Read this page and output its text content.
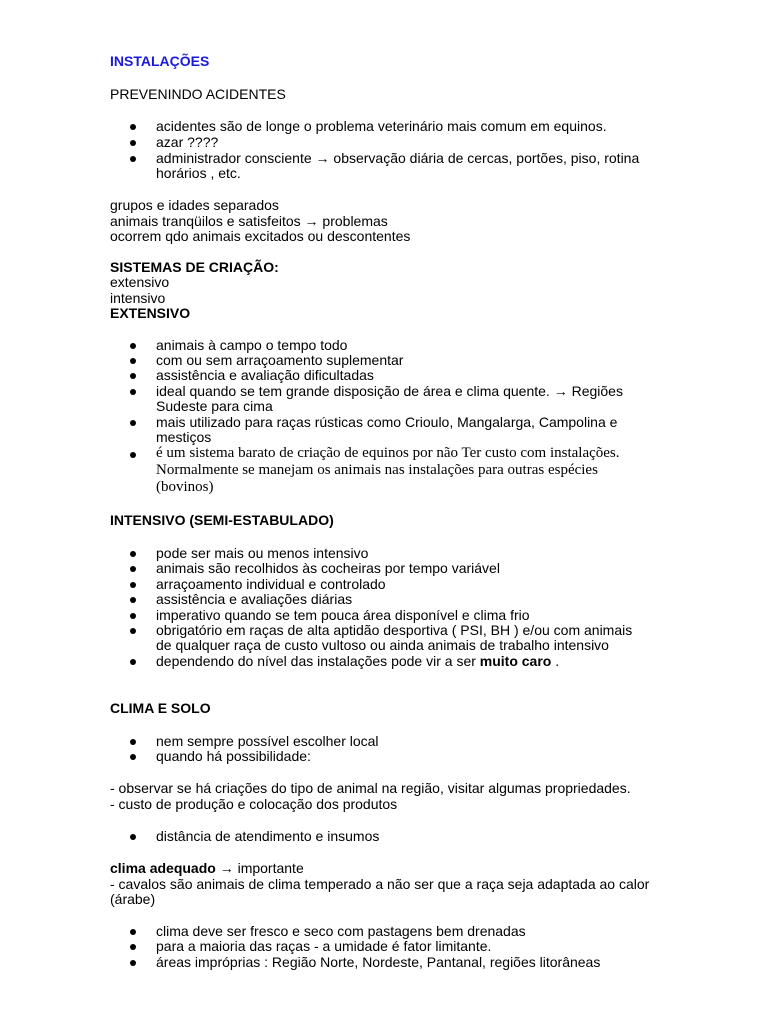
INSTALAÇÕES
PREVENINDO ACIDENTES
acidentes são de longe o problema veterinário mais comum em equinos.
azar ????
administrador consciente → observação diária de cercas, portões, piso, rotina
horários , etc.
grupos e idades separados
animais tranqüilos e satisfeitos → problemas
ocorrem qdo animais excitados ou descontentes
SISTEMAS DE CRIAÇÃO:
extensivo
intensivo
EXTENSIVO
animais à campo o tempo todo
com ou sem arraçoamento suplementar
assistência e avaliação dificultadas
ideal quando se tem grande disposição de área e clima quente. → Regiões
Sudeste para cima
mais utilizado para raças rústicas como Crioulo, Mangalarga, Campolina e
mestiços
é um sistema barato de criação de equinos por não Ter custo com instalações.
Normalmente se manejam os animais nas instalações para outras espécies
(bovinos)
INTENSIVO (SEMI-ESTABULADO)
pode ser mais ou menos intensivo
animais são recolhidos às cocheiras por tempo variável
arraçoamento individual e controlado
assistência e avaliações diárias
imperativo quando se tem pouca área disponível e clima frio
obrigatório em raças de alta aptidão desportiva ( PSI, BH ) e/ou com animais
de qualquer raça de custo vultoso ou ainda animais de trabalho intensivo
dependendo do nível das instalações pode vir a ser muito caro .
CLIMA E SOLO
nem sempre possível escolher local
quando há possibilidade:
- observar se há criações do tipo de animal na região, visitar algumas propriedades.
- custo de produção e colocação dos produtos
distância de atendimento e insumos
clima adequado → importante
- cavalos são animais de clima temperado a não ser que a raça seja adaptada ao calor
(árabe)
clima deve ser fresco e seco com pastagens bem drenadas
para a maioria das raças - a umidade é fator limitante.
áreas impróprias : Região Norte, Nordeste, Pantanal, regiões litorâneas
